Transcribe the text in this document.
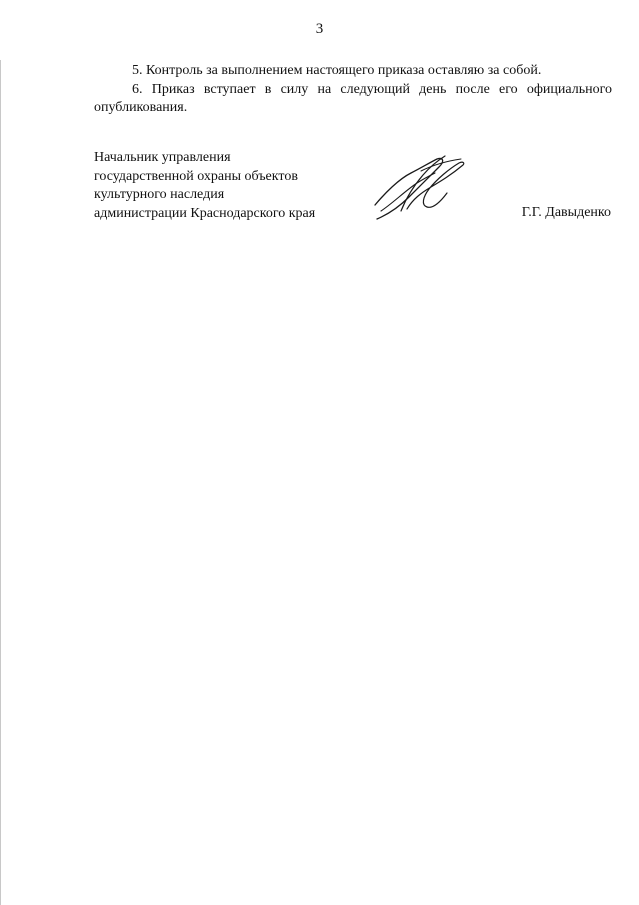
3

5. Контроль за выполнением настоящего приказа оставляю за собой.

6. Приказ вступает в силу на следующий день после его официального

опубликования.

Начальник управления
государственной охраны объектов
культурного наследия
администрации Краснодарского края	Г.Г. Давыденко
